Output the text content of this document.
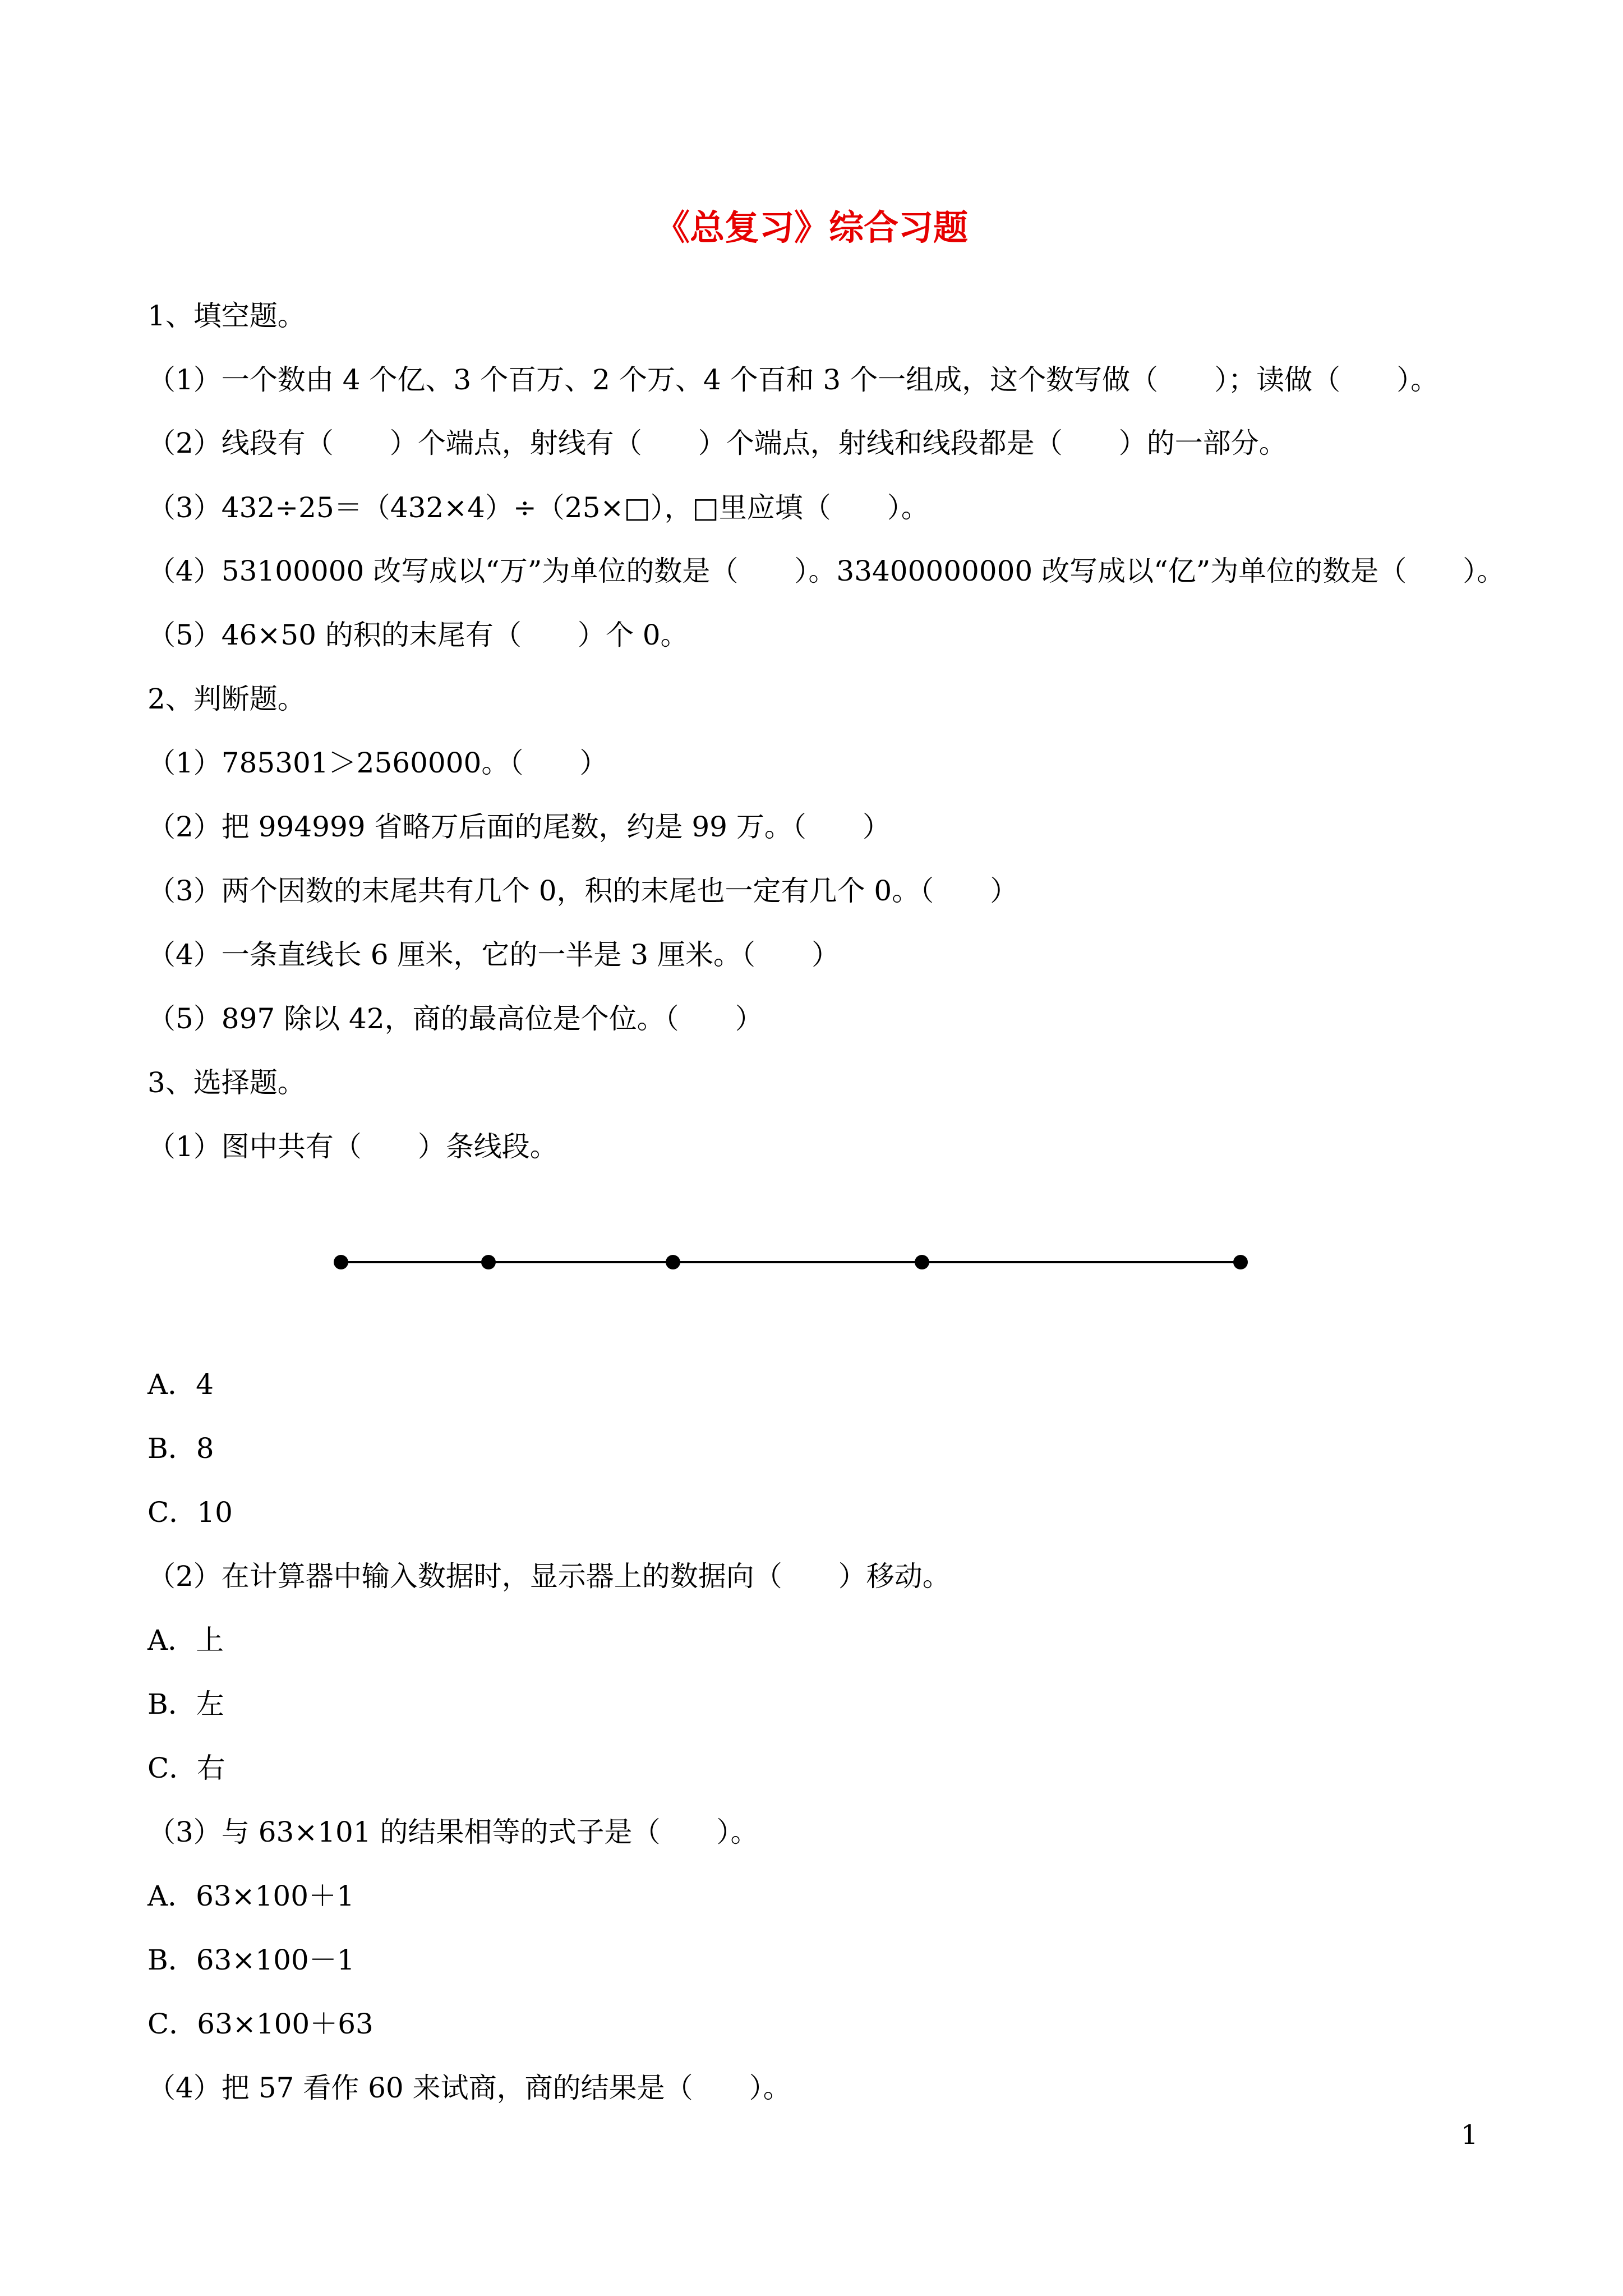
《总复习》综合习题
1、填空题。
（1）一个数由 4 个亿、3 个百万、2 个万、4 个百和 3 个一组成，这个数写做（　　）；读做（　　）。
（2）线段有（　　）个端点，射线有（　　）个端点，射线和线段都是（　　）的一部分。
（3）432÷25＝（432×4）÷（25×□），□里应填（　　）。
（4）53100000 改写成以“万”为单位的数是（　　）。33400000000 改写成以“亿”为单位的数是（　　）。
（5）46×50 的积的末尾有（　　）个 0。
2、判断题。
（1）785301＞2560000。（　　）
（2）把 994999 省略万后面的尾数，约是 99 万。（　　）
（3）两个因数的末尾共有几个 0，积的末尾也一定有几个 0。（　　）
（4）一条直线长 6 厘米，它的一半是 3 厘米。（　　）
（5）897 除以 42，商的最高位是个位。（　　）
3、选择题。
（1）图中共有（　　）条线段。
A．4
B．8
C．10
（2）在计算器中输入数据时，显示器上的数据向（　　）移动。
A．上
B．左
C．右
（3）与 63×101 的结果相等的式子是（　　）。
A．63×100＋1
B．63×100－1
C．63×100＋63
（4）把 57 看作 60 来试商，商的结果是（　　）。
1
